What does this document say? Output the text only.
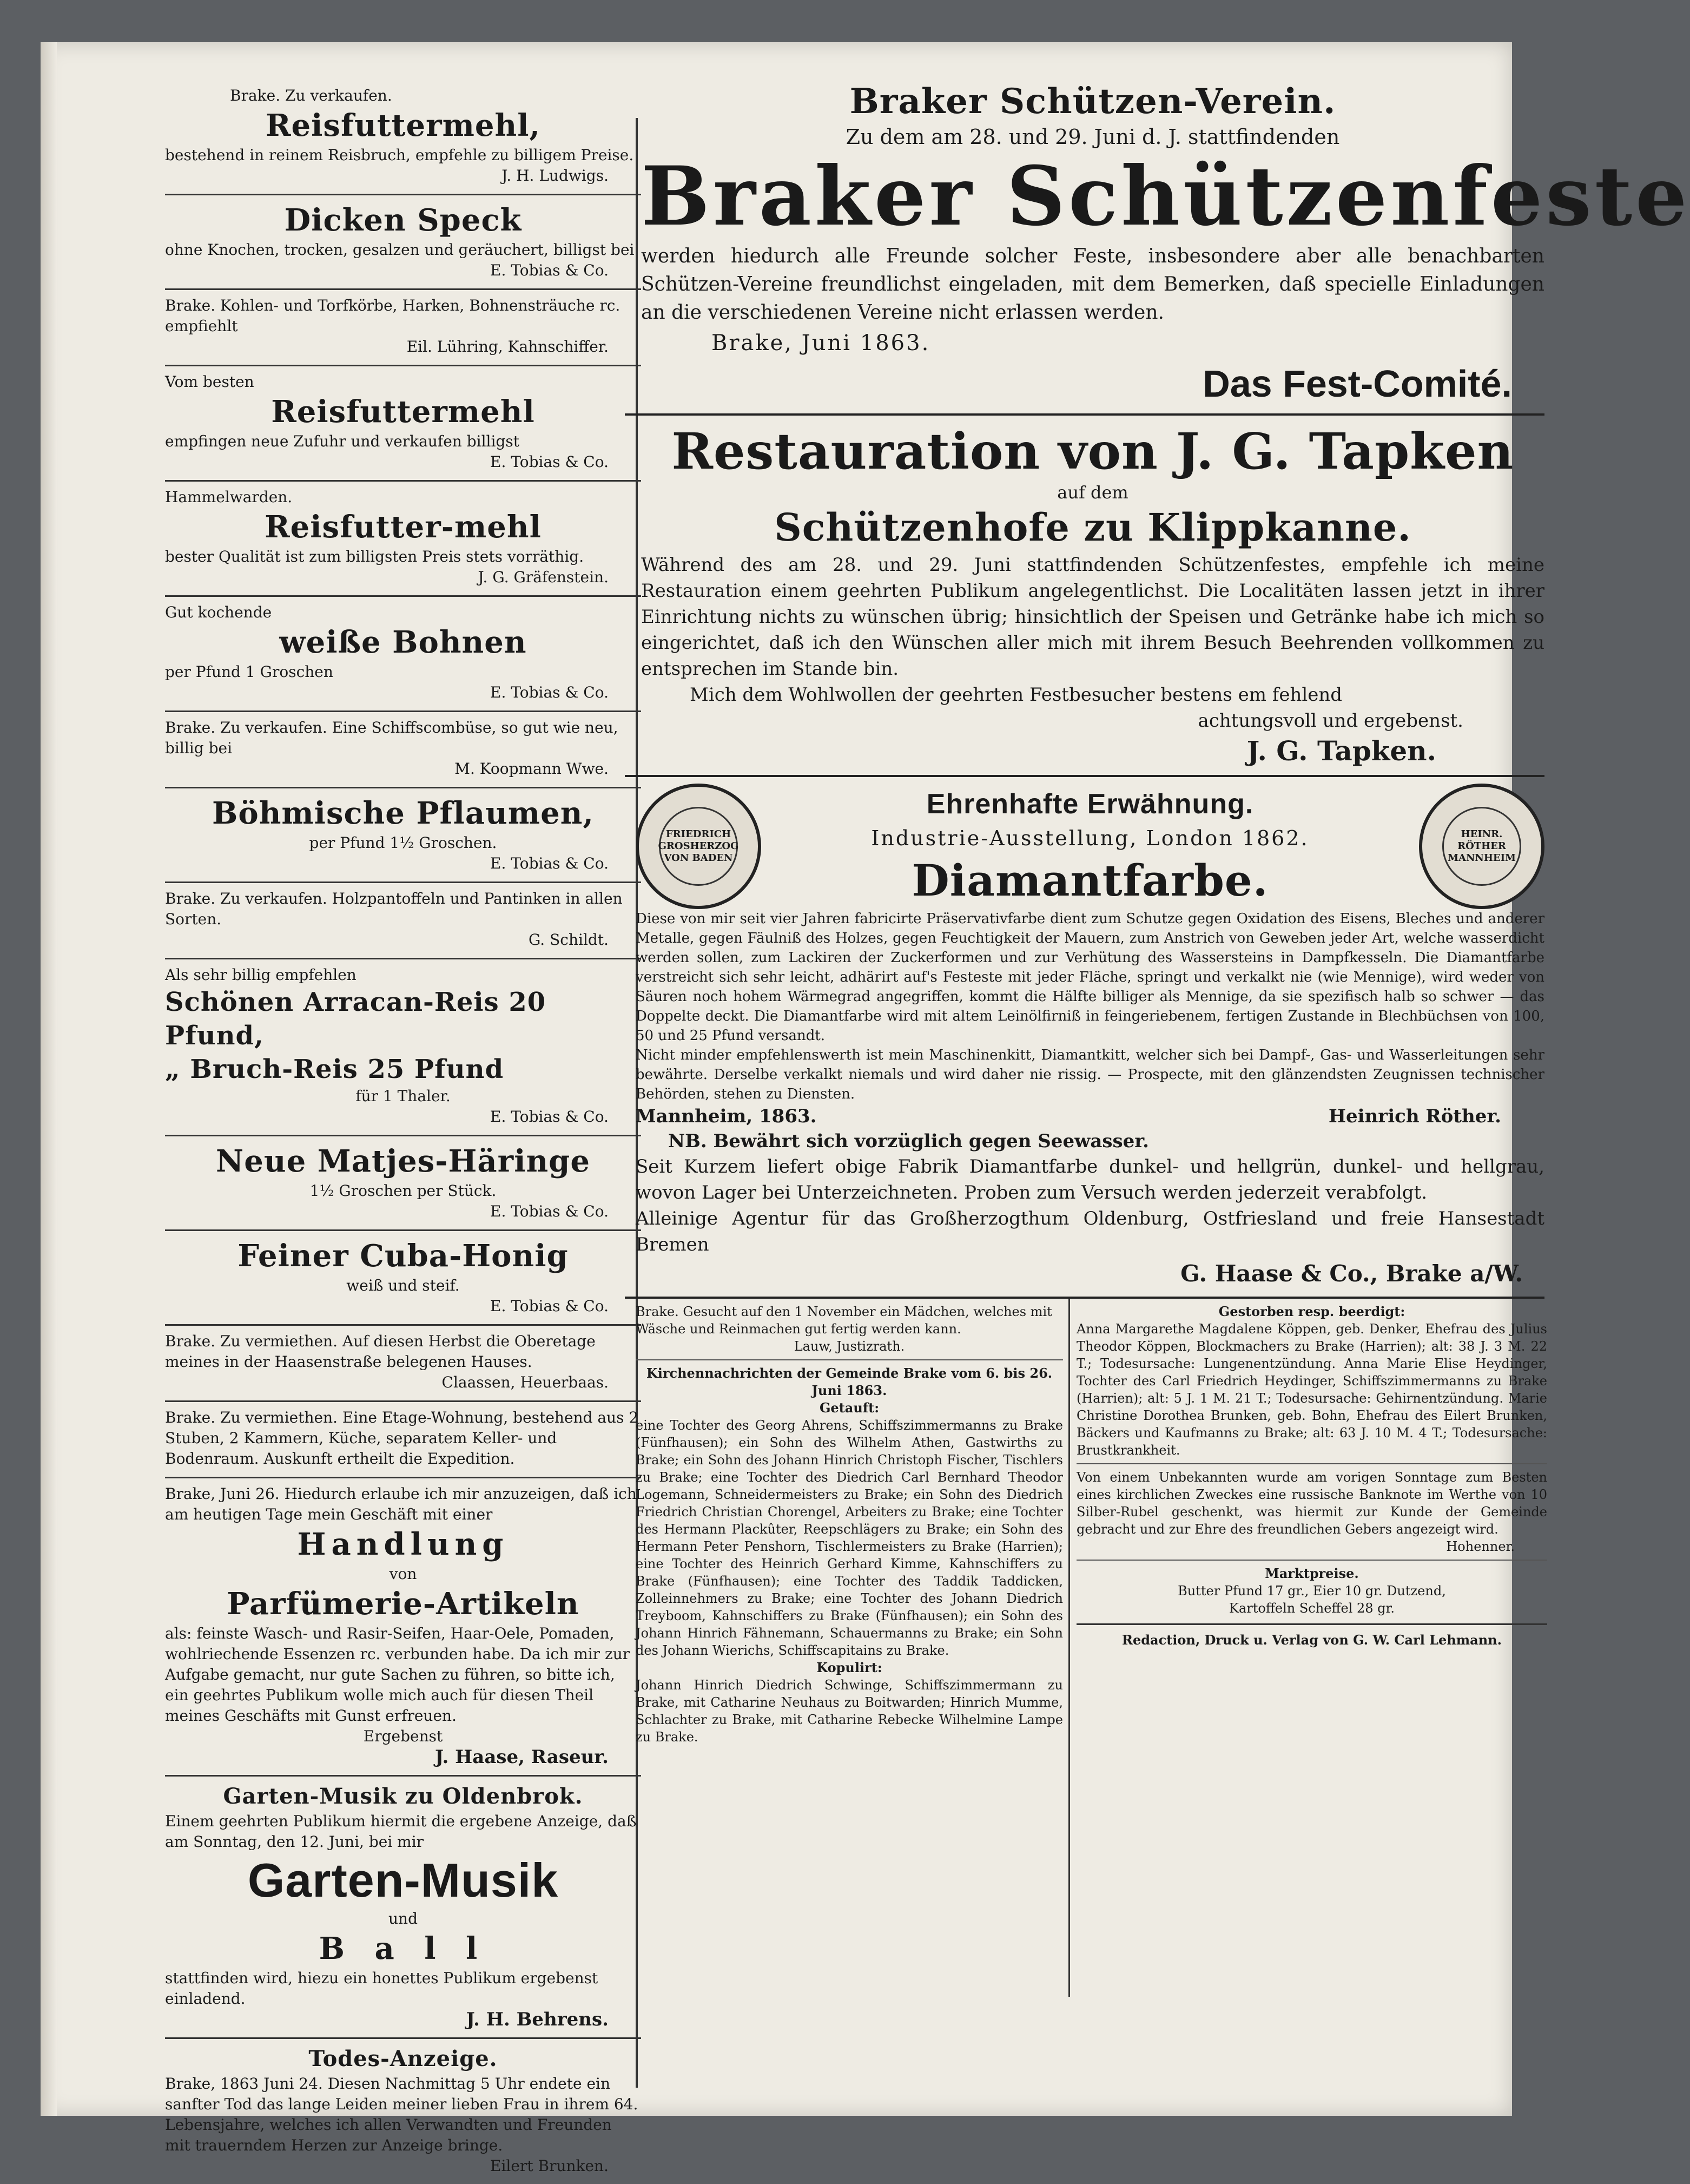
Brake. Zu verkaufen.
Reisfuttermehl,
bestehend in reinem Reisbruch, empfehle zu billigem Preise.
J. H. Ludwigs.
Dicken Speck
ohne Knochen, trocken, gesalzen und geräuchert, billigst bei
E. Tobias & Co.
Brake. Kohlen- und Torfkörbe, Harken, Bohnensträuche rc. empfiehlt
Eil. Lühring, Kahnschiffer.
Vom besten
Reisfuttermehl
empfingen neue Zufuhr und verkaufen billigst
E. Tobias & Co.
Hammelwarden.
Reisfutter-mehl
bester Qualität ist zum billigsten Preis stets vorräthig.
J. G. Gräfenstein.
Gut kochende
weiße Bohnen
per Pfund 1 Groschen
E. Tobias & Co.
Brake. Zu verkaufen. Eine Schiffscombüse, so gut wie neu, billig bei
M. Koopmann Wwe.
Böhmische Pflaumen,
per Pfund 1½ Groschen.
E. Tobias & Co.
Brake. Zu verkaufen. Holzpantoffeln und Pantinken in allen Sorten.
G. Schildt.
Als sehr billig empfehlen
Schönen Arracan-Reis 20 Pfund,
„ Bruch-Reis 25 Pfund
für 1 Thaler.
E. Tobias & Co.
Neue Matjes-Häringe
1½ Groschen per Stück.
E. Tobias & Co.
Feiner Cuba-Honig
weiß und steif.
E. Tobias & Co.
Brake. Zu vermiethen. Auf diesen Herbst die Oberetage meines in der Haasenstraße belegenen Hauses.
Claassen, Heuerbaas.
Brake. Zu vermiethen. Eine Etage-Wohnung, bestehend aus 2 Stuben, 2 Kammern, Küche, separatem Keller- und Bodenraum. Auskunft ertheilt die Expedition.
Brake, Juni 26. Hiedurch erlaube ich mir anzuzeigen, daß ich am heutigen Tage mein Geschäft mit einer
Handlung
von
Parfümerie-Artikeln
als: feinste Wasch- und Rasir-Seifen, Haar-Oele, Pomaden, wohlriechende Essenzen rc. verbunden habe. Da ich mir zur Aufgabe gemacht, nur gute Sachen zu führen, so bitte ich, ein geehrtes Publikum wolle mich auch für diesen Theil meines Geschäfts mit Gunst erfreuen.
Ergebenst
J. Haase, Raseur.
Garten-Musik zu Oldenbrok.
Einem geehrten Publikum hiermit die ergebene Anzeige, daß am Sonntag, den 12. Juni, bei mir
Garten-Musik
und
B a l l
stattfinden wird, hiezu ein honettes Publikum ergebenst einladend.
J. H. Behrens.
Todes-Anzeige.
Brake, 1863 Juni 24. Diesen Nachmittag 5 Uhr endete ein sanfter Tod das lange Leiden meiner lieben Frau in ihrem 64. Lebensjahre, welches ich allen Verwandten und Freunden mit trauerndem Herzen zur Anzeige bringe.
Eilert Brunken.
Braker Schützen-Verein.
Zu dem am 28. und 29. Juni d. J. stattfindenden
Braker Schützenfeste
werden hiedurch alle Freunde solcher Feste, insbesondere aber alle benachbarten Schützen-Vereine freundlichst eingeladen, mit dem Bemerken, daß specielle Einladungen an die verschiedenen Vereine nicht erlassen werden.
Brake, Juni 1863.
Das Fest-Comité.
Restauration von J. G. Tapken
auf dem
Schützenhofe zu Klippkanne.
Während des am 28. und 29. Juni stattfindenden Schützenfestes, empfehle ich meine Restauration einem geehrten Publikum angelegentlichst. Die Localitäten lassen jetzt in ihrer Einrichtung nichts zu wünschen übrig; hinsichtlich der Speisen und Getränke habe ich mich so eingerichtet, daß ich den Wünschen aller mich mit ihrem Besuch Beehrenden vollkommen zu entsprechen im Stande bin.
Mich dem Wohlwollen der geehrten Festbesucher bestens em fehlend
achtungsvoll und ergebenst.
J. G. Tapken.
FRIEDRICH GROSHERZOG VON BADEN
Ehrenhafte Erwähnung.
Industrie-Ausstellung, London 1862.
Diamantfarbe.
HEINR. RÖTHER MANNHEIM
Diese von mir seit vier Jahren fabricirte Präservativfarbe dient zum Schutze gegen Oxidation des Eisens, Bleches und anderer Metalle, gegen Fäulniß des Holzes, gegen Feuchtigkeit der Mauern, zum Anstrich von Geweben jeder Art, welche wasserdicht werden sollen, zum Lackiren der Zuckerformen und zur Verhütung des Wassersteins in Dampfkesseln. Die Diamantfarbe verstreicht sich sehr leicht, adhärirt auf's Festeste mit jeder Fläche, springt und verkalkt nie (wie Mennige), wird weder von Säuren noch hohem Wärmegrad angegriffen, kommt die Hälfte billiger als Mennige, da sie spezifisch halb so schwer — das Doppelte deckt. Die Diamantfarbe wird mit altem Leinölfirniß in feingeriebenem, fertigen Zustande in Blechbüchsen von 100, 50 und 25 Pfund versandt.
Nicht minder empfehlenswerth ist mein Maschinenkitt, Diamantkitt, welcher sich bei Dampf-, Gas- und Wasserleitungen sehr bewährte. Derselbe verkalkt niemals und wird daher nie rissig. — Prospecte, mit den glänzendsten Zeugnissen technischer Behörden, stehen zu Diensten.
Mannheim, 1863.	Heinrich Röther.
NB. Bewährt sich vorzüglich gegen Seewasser.
Seit Kurzem liefert obige Fabrik Diamantfarbe dunkel- und hellgrün, dunkel- und hellgrau, wovon Lager bei Unterzeichneten. Proben zum Versuch werden jederzeit verabfolgt.
Alleinige Agentur für das Großherzogthum Oldenburg, Ostfriesland und freie Hansestadt Bremen
G. Haase & Co., Brake a/W.
Brake. Gesucht auf den 1 November ein Mädchen, welches mit Wäsche und Reinmachen gut fertig werden kann.
Lauw, Justizrath.
Kirchennachrichten der Gemeinde Brake vom 6. bis 26. Juni 1863.
Getauft:
eine Tochter des Georg Ahrens, Schiffszimmermanns zu Brake (Fünfhausen); ein Sohn des Wilhelm Athen, Gastwirths zu Brake; ein Sohn des Johann Hinrich Christoph Fischer, Tischlers zu Brake; eine Tochter des Diedrich Carl Bernhard Theodor Logemann, Schneidermeisters zu Brake; ein Sohn des Diedrich Friedrich Christian Chorengel, Arbeiters zu Brake; eine Tochter des Hermann Plackûter, Reepschlägers zu Brake; ein Sohn des Hermann Peter Penshorn, Tischlermeisters zu Brake (Harrien); eine Tochter des Heinrich Gerhard Kimme, Kahnschiffers zu Brake (Fünfhausen); eine Tochter des Taddik Taddicken, Zolleinnehmers zu Brake; eine Tochter des Johann Diedrich Treyboom, Kahnschiffers zu Brake (Fünfhausen); ein Sohn des Johann Hinrich Fähnemann, Schauermanns zu Brake; ein Sohn des Johann Wierichs, Schiffscapitains zu Brake.
Kopulirt:
Johann Hinrich Diedrich Schwinge, Schiffszimmermann zu Brake, mit Catharine Neuhaus zu Boitwarden; Hinrich Mumme, Schlachter zu Brake, mit Catharine Rebecke Wilhelmine Lampe zu Brake.
Gestorben resp. beerdigt:
Anna Margarethe Magdalene Köppen, geb. Denker, Ehefrau des Julius Theodor Köppen, Blockmachers zu Brake (Harrien); alt: 38 J. 3 M. 22 T.; Todesursache: Lungenentzündung. Anna Marie Elise Heydinger, Tochter des Carl Friedrich Heydinger, Schiffszimmermanns zu Brake (Harrien); alt: 5 J. 1 M. 21 T.; Todesursache: Gehirnentzündung. Marie Christine Dorothea Brunken, geb. Bohn, Ehefrau des Eilert Brunken, Bäckers und Kaufmanns zu Brake; alt: 63 J. 10 M. 4 T.; Todesursache: Brustkrankheit.
Von einem Unbekannten wurde am vorigen Sonntage zum Besten eines kirchlichen Zweckes eine russische Banknote im Werthe von 10 Silber-Rubel geschenkt, was hiermit zur Kunde der Gemeinde gebracht und zur Ehre des freundlichen Gebers angezeigt wird.
Hohenner.
Marktpreise.
Butter Pfund 17 gr., Eier 10 gr. Dutzend,
Kartoffeln Scheffel 28 gr.
Redaction, Druck u. Verlag von G. W. Carl Lehmann.
